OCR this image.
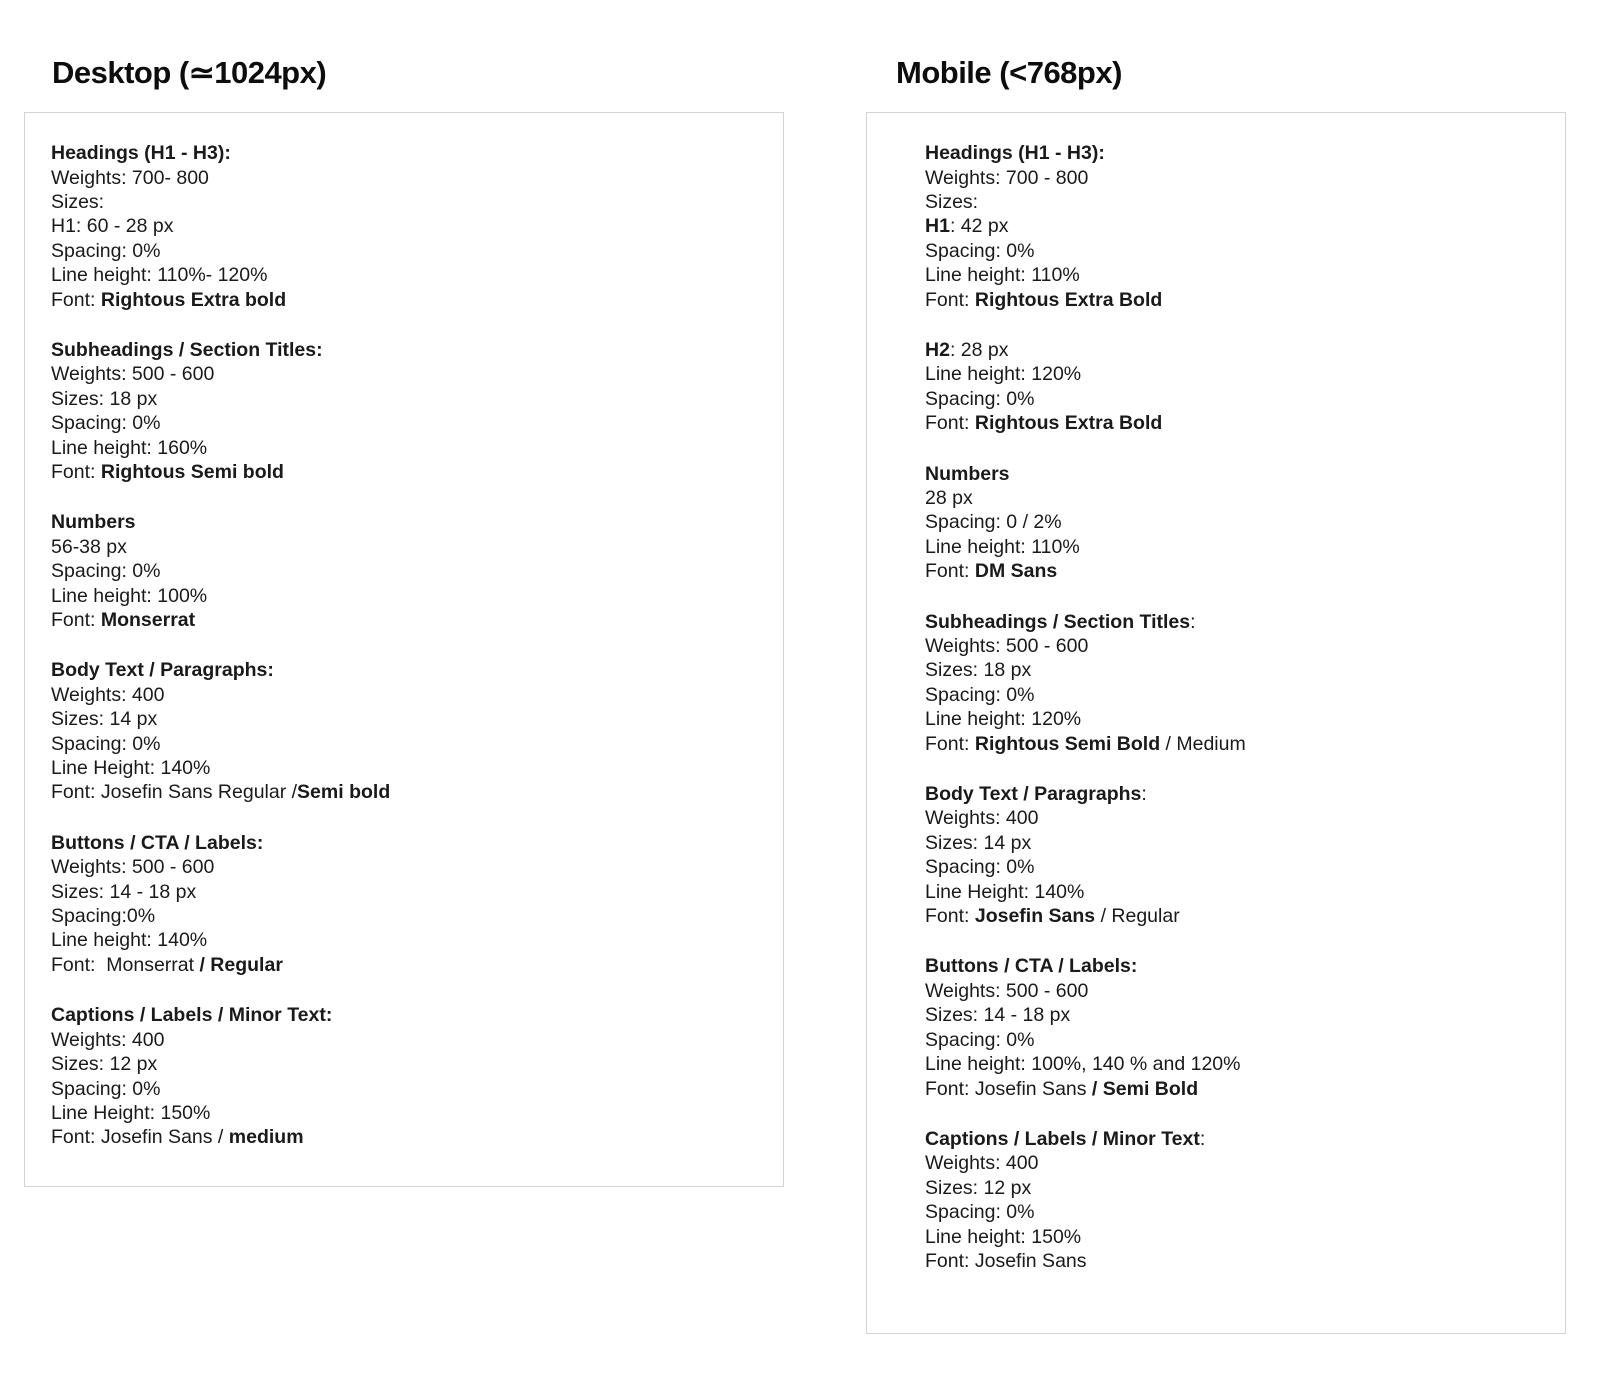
Desktop (≃1024px)
Headings (H1 - H3):
Weights: 700- 800
Sizes:
H1: 60 - 28 px
Spacing: 0%
Line height: 110%- 120%
Font: Rightous Extra bold
Subheadings / Section Titles:
Weights: 500 - 600
Sizes: 18 px
Spacing: 0%
Line height: 160%
Font: Rightous Semi bold
Numbers
56-38 px
Spacing: 0%
Line height: 100%
Font: Monserrat
Body Text / Paragraphs:
Weights: 400
Sizes: 14 px
Spacing: 0%
Line Height: 140%
Font: Josefin Sans Regular /Semi bold
Buttons / CTA / Labels:
Weights: 500 - 600
Sizes: 14 - 18 px
Spacing:0%
Line height: 140%
Font:  Monserrat / Regular
Captions / Labels / Minor Text:
Weights: 400
Sizes: 12 px
Spacing: 0%
Line Height: 150%
Font: Josefin Sans / medium
Mobile (<768px)
Headings (H1 - H3):
Weights: 700 - 800
Sizes:
H1: 42 px
Spacing: 0%
Line height: 110%
Font: Rightous Extra Bold
H2: 28 px
Line height: 120%
Spacing: 0%
Font: Rightous Extra Bold
Numbers
28 px
Spacing: 0 / 2%
Line height: 110%
Font: DM Sans
Subheadings / Section Titles:
Weights: 500 - 600
Sizes: 18 px
Spacing: 0%
Line height: 120%
Font: Rightous Semi Bold / Medium
Body Text / Paragraphs:
Weights: 400
Sizes: 14 px
Spacing: 0%
Line Height: 140%
Font: Josefin Sans / Regular
Buttons / CTA / Labels:
Weights: 500 - 600
Sizes: 14 - 18 px
Spacing: 0%
Line height: 100%, 140 % and 120%
Font: Josefin Sans / Semi Bold
Captions / Labels / Minor Text:
Weights: 400
Sizes: 12 px
Spacing: 0%
Line height: 150%
Font: Josefin Sans
